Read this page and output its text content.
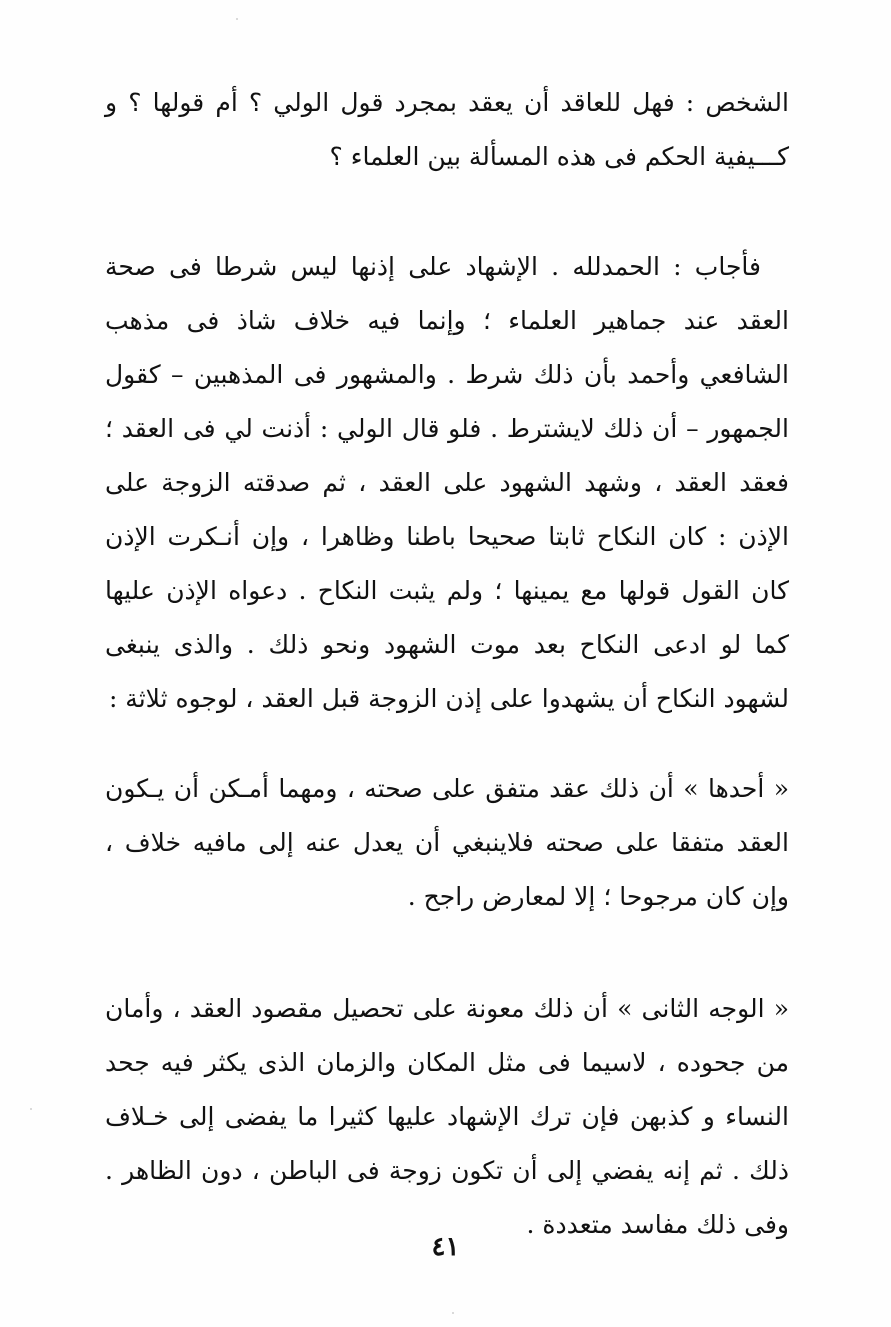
الشخص : فهل للعاقد أن يعقد بمجرد قول الولي ؟ أم قولها ؟ و كـــيفية الحكم فى هذه المسألة بين العلماء ؟
فأجاب : الحمدلله . الإشهاد على إذنها ليس شرطا فى صحة العقد عند جماهير العلماء ؛ وإنما فيه خلاف شاذ فى مذهب الشافعي وأحمد بأن ذلك شرط . والمشهور فى المذهبين – كقول الجمهور – أن ذلك لايشترط . فلو قال الولي : أذنت لي فى العقد ؛ فعقد العقد ، وشهد الشهود على العقد ، ثم صدقته الزوجة على الإذن : كان النكاح ثابتا صحيحا باطنا وظاهرا ، وإن أنـكرت الإذن كان القول قولها مع يمينها ؛ ولم يثبت النكاح . دعواه الإذن عليها كما لو ادعى النكاح بعد موت الشهود ونحو ذلك . والذى ينبغى لشهود النكاح أن يشهدوا على إذن الزوجة قبل العقد ، لوجوه ثلاثة :
« أحدها » أن ذلك عقد متفق على صحته ، ومهما أمـكن أن يـكون العقد متفقا على صحته فلاينبغي أن يعدل عنه إلى مافيه خلاف ، وإن كان مرجوحا ؛ إلا لمعارض راجح .
« الوجه الثانى » أن ذلك معونة على تحصيل مقصود العقد ، وأمان من جحوده ، لاسيما فى مثل المكان والزمان الذى يكثر فيه جحد النساء و كذبهن فإن ترك الإشهاد عليها كثيرا ما يفضى إلى خـلاف ذلك . ثم إنه يفضي إلى أن تكون زوجة فى الباطن ، دون الظاهر . وفى ذلك مفاسد متعددة .
٤١
